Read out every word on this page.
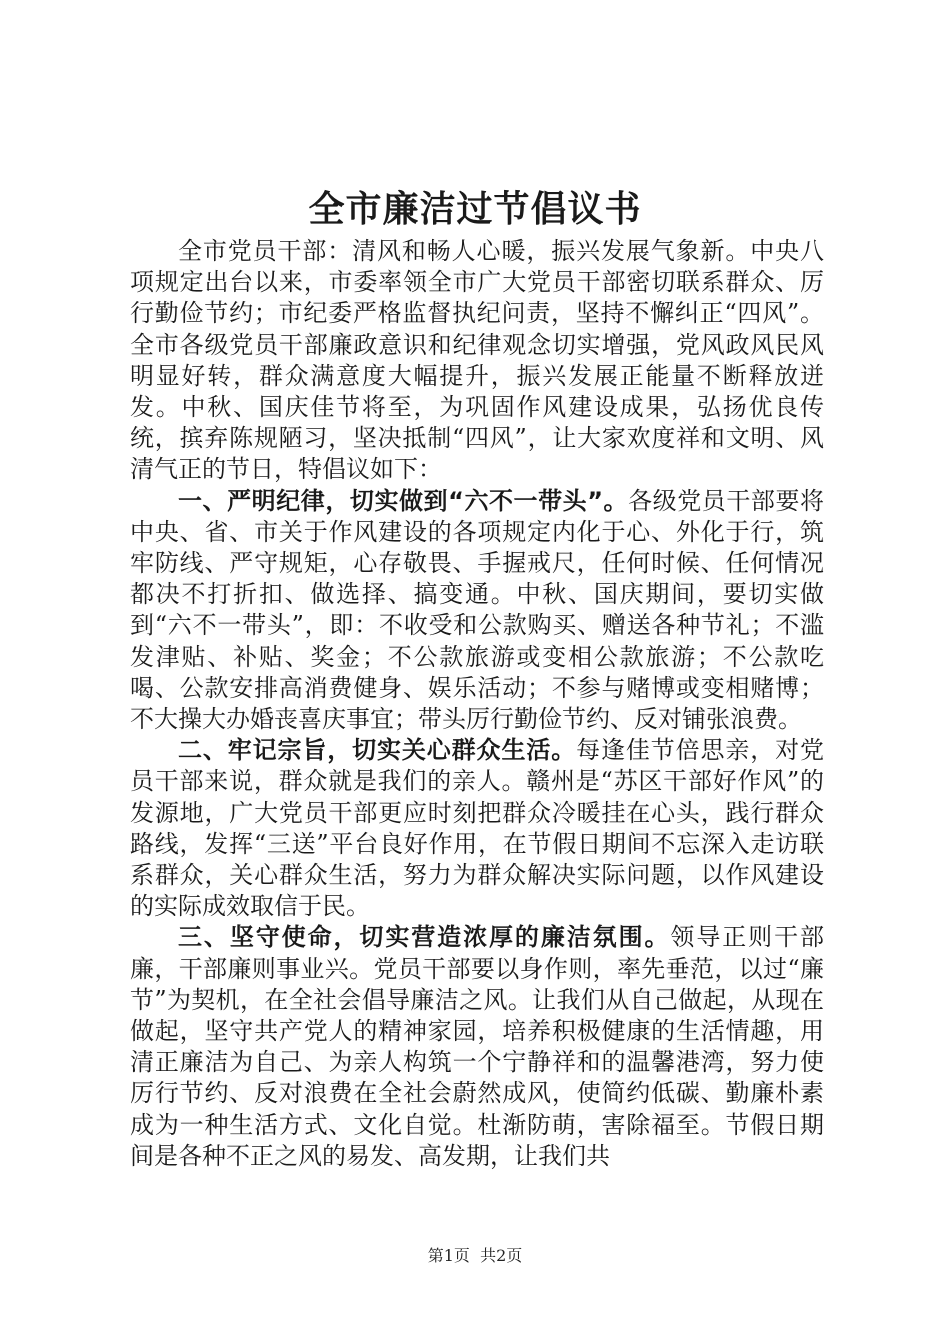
全市廉洁过节倡议书

全市党员干部：清风和畅人心暖，振兴发展气象新。中央八项规定出台以来，市委率领全市广大党员干部密切联系群众、厉行勤俭节约；市纪委严格监督执纪问责，坚持不懈纠正“四风”。全市各级党员干部廉政意识和纪律观念切实增强，党风政风民风明显好转，群众满意度大幅提升，振兴发展正能量不断释放迸发。中秋、国庆佳节将至，为巩固作风建设成果，弘扬优良传统，摈弃陈规陋习，坚决抵制“四风”，让大家欢度祥和文明、风清气正的节日，特倡议如下：

一、严明纪律，切实做到“六不一带头”。各级党员干部要将中央、省、市关于作风建设的各项规定内化于心、外化于行，筑牢防线、严守规矩，心存敬畏、手握戒尺，任何时候、任何情况都决不打折扣、做选择、搞变通。中秋、国庆期间，要切实做到“六不一带头”，即：不收受和公款购买、赠送各种节礼；不滥发津贴、补贴、奖金；不公款旅游或变相公款旅游；不公款吃喝、公款安排高消费健身、娱乐活动；不参与赌博或变相赌博；不大操大办婚丧喜庆事宜；带头厉行勤俭节约、反对铺张浪费。

二、牢记宗旨，切实关心群众生活。每逢佳节倍思亲，对党员干部来说，群众就是我们的亲人。赣州是“苏区干部好作风”的发源地，广大党员干部更应时刻把群众冷暖挂在心头，践行群众路线，发挥“三送”平台良好作用，在节假日期间不忘深入走访联系群众，关心群众生活，努力为群众解决实际问题，以作风建设的实际成效取信于民。

三、坚守使命，切实营造浓厚的廉洁氛围。领导正则干部廉，干部廉则事业兴。党员干部要以身作则，率先垂范，以过“廉节”为契机，在全社会倡导廉洁之风。让我们从自己做起，从现在做起，坚守共产党人的精神家园，培养积极健康的生活情趣，用清正廉洁为自己、为亲人构筑一个宁静祥和的温馨港湾，努力使厉行节约、反对浪费在全社会蔚然成风，使简约低碳、勤廉朴素成为一种生活方式、文化自觉。杜渐防萌，害除福至。节假日期间是各种不正之风的易发、高发期，让我们共

第1页 共2页
